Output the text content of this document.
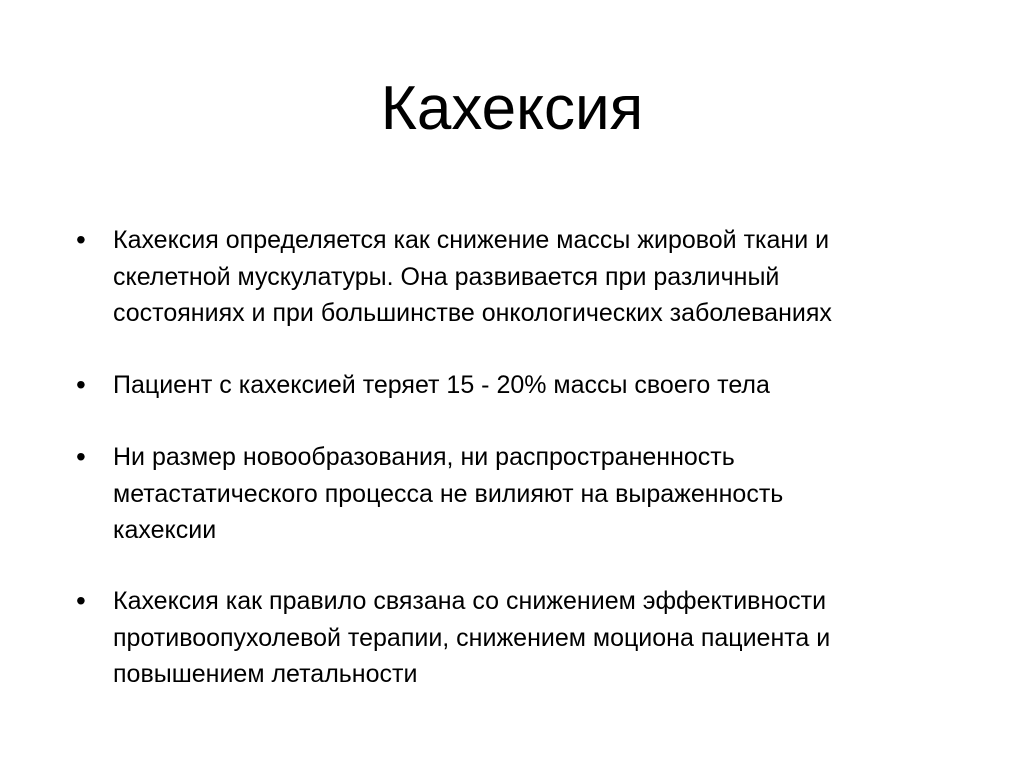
Кахексия
•	Кахексия определяется как снижение массы жировой ткани и
скелетной мускулатуры. Она развивается при различный
состояниях и при большинстве онкологических заболеваниях
•	Пациент с кахексией теряет 15 - 20% массы своего тела
•	Ни размер новообразования, ни распространенность
метастатического процесса не вилияют на выраженность
кахексии
•	Кахексия как правило связана со снижением эффективности
противоопухолевой терапии, снижением моциона пациента и
повышением летальности
